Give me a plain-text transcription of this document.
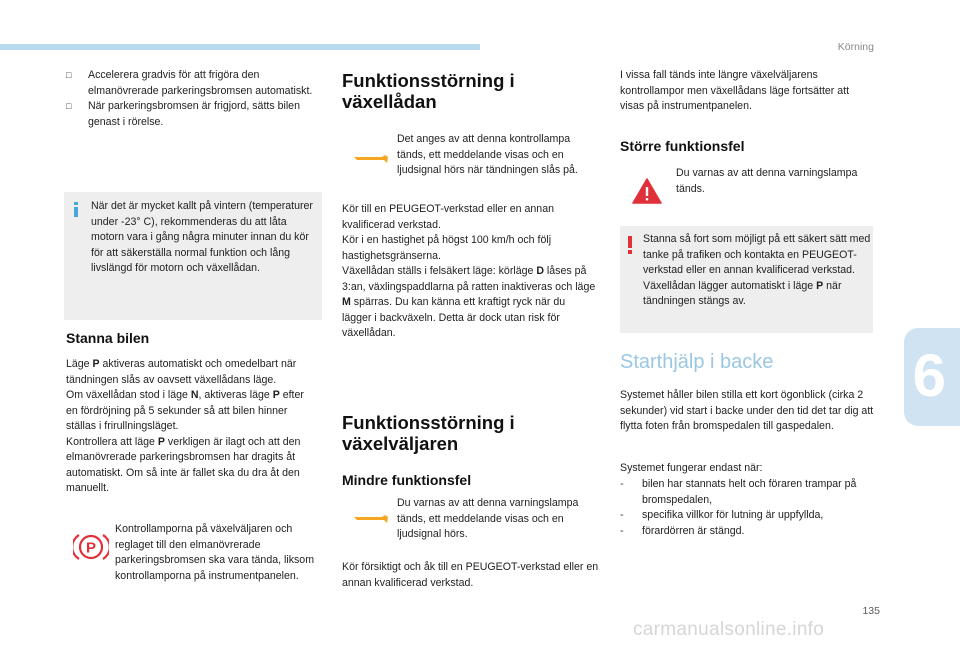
Körning
6
□ Accelerera gradvis för att frigöra den elmanövrerade parkeringsbromsen automatiskt.
□ När parkeringsbromsen är frigjord, sätts bilen genast i rörelse.
När det är mycket kallt på vintern (temperaturer under -23° C), rekommenderas du att låta motorn vara i gång några minuter innan du kör för att säkerställa normal funktion och lång livslängd för motorn och växellådan.
Stanna bilen

Läge P aktiveras automatiskt och omedelbart när tändningen slås av oavsett växellådans läge.

Om växellådan stod i läge N, aktiveras läge P efter en fördröjning på 5 sekunder så att bilen hinner ställas i frirullningsläget.

Kontrollera att läge P verkligen är ilagt och att den elmanövrerade parkeringsbromsen har dragits åt automatiskt. Om så inte är fallet ska du dra åt den manuellt.

P
Kontrollamporna på växelväljaren och reglaget till den elmanövrerade parkeringsbromsen ska vara tända, liksom kontrollamporna på instrumentpanelen.
Funktionsstörning i
växellådan
Det anges av att denna kontrollampa tänds, ett meddelande visas och en ljudsignal hörs när tändningen slås på.

Kör till en PEUGEOT-verkstad eller en annan kvalificerad verkstad.

Kör i en hastighet på högst 100 km/h och följ hastighetsgränserna.

Växellådan ställs i felsäkert läge: körläge D låses på 3:an, växlingspaddlarna på ratten inaktiveras och läge M spärras. Du kan känna ett kraftigt ryck när du lägger i backväxeln. Detta är dock utan risk för växellådan.

Funktionsstörning i
växelväljaren
Mindre funktionsfel
Du varnas av att denna varningslampa tänds, ett meddelande visas och en ljudsignal hörs.
Kör försiktigt och åk till en PEUGEOT-verkstad eller en annan kvalificerad verkstad.
I vissa fall tänds inte längre växelväljarens kontrollampor men växellådans läge fortsätter att visas på instrumentpanelen.
Större funktionsfel
Du varnas av att denna varningslampa tänds.

Stanna så fort som möjligt på ett säkert sätt med tanke på trafiken och kontakta en PEUGEOT-verkstad eller en annan kvalificerad verkstad.

Växellådan lägger automatiskt i läge P när tändningen stängs av.

Starthjälp i backe
Systemet håller bilen stilla ett kort ögonblick (cirka 2 sekunder) vid start i backe under den tid det tar dig att flytta foten från bromspedalen till gaspedalen.
Systemet fungerar endast när:
- bilen har stannats helt och föraren trampar på bromspedalen,
- specifika villkor för lutning är uppfyllda,
- förardörren är stängd.
135
carmanualsonline.info
